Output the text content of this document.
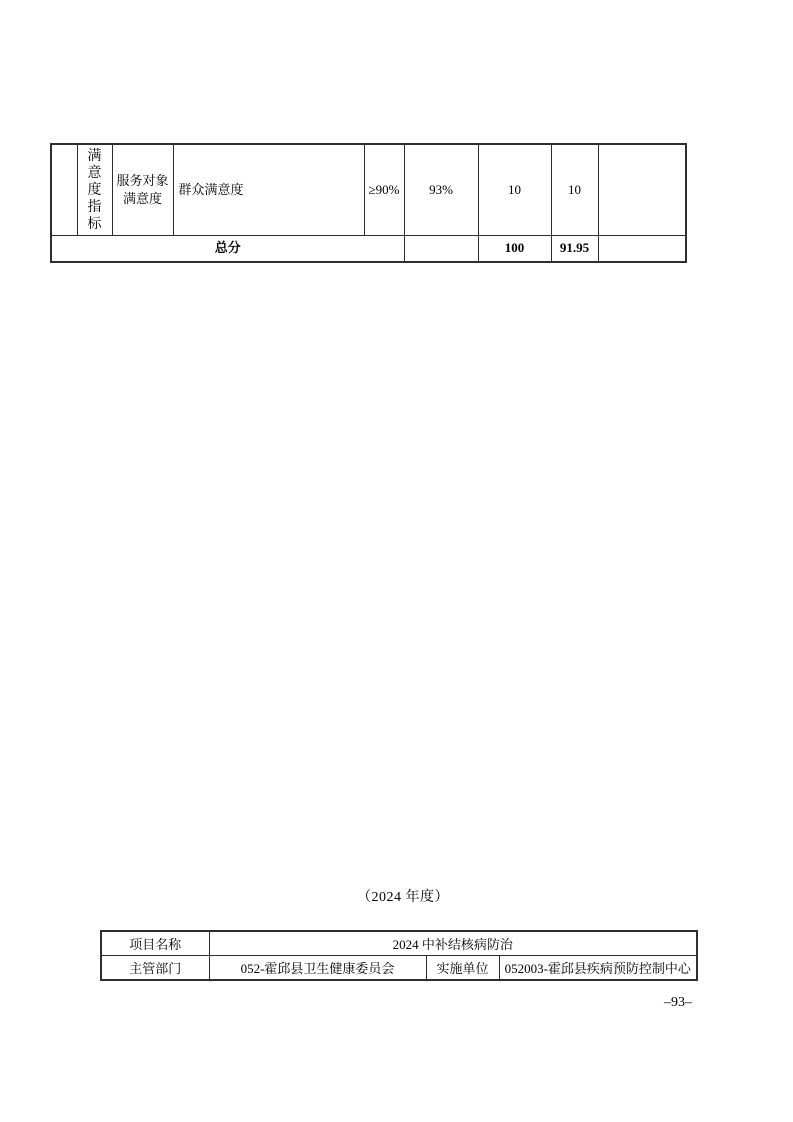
	满意度指标	服务对象满意度	群众满意度	≥90%	93%	10	10	
总分						100	91.95	
（2024 年度）
项目名称	2024 中补结核病防治		
主管部门	052-霍邱县卫生健康委员会	实施单位	052003-霍邱县疾病预防控制中心
–93–
